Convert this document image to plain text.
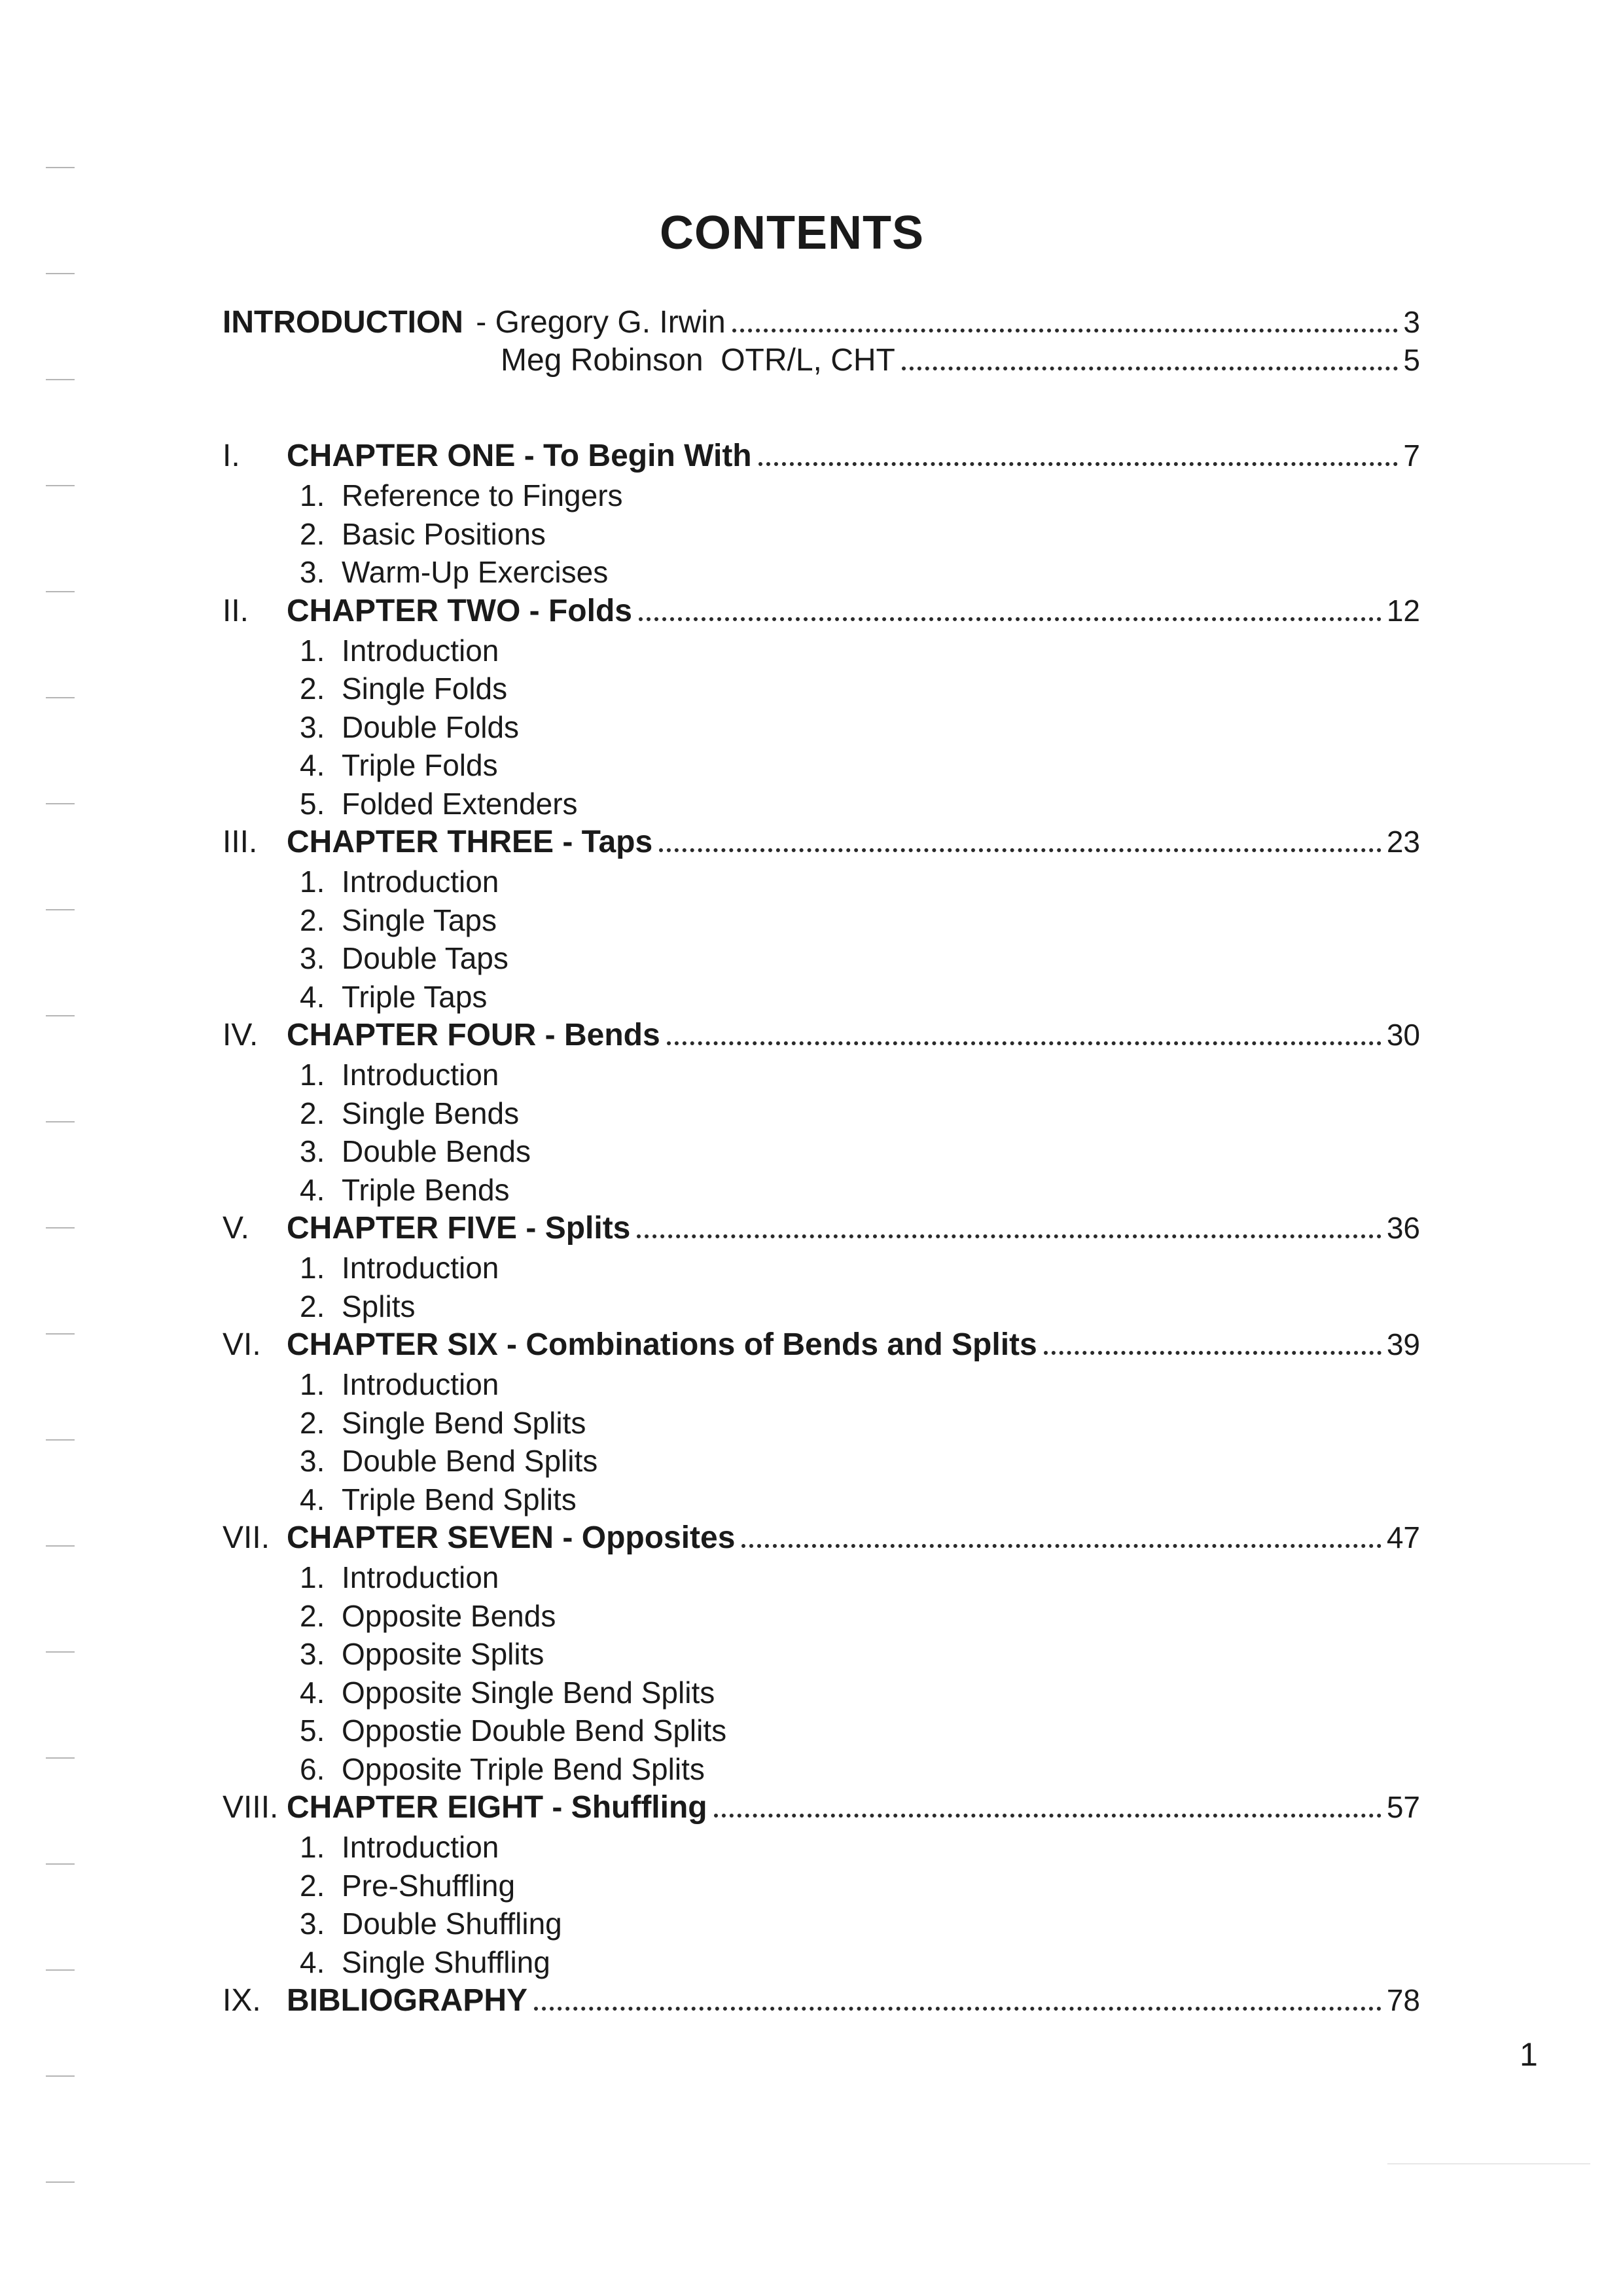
CONTENTS
INTRODUCTION - Gregory G. Irwin	3
Meg Robinson  OTR/L, CHT	5
I.	CHAPTER ONE - To Begin With	7
1. Reference to Fingers
2. Basic Positions
3. Warm-Up Exercises
II.	CHAPTER TWO - Folds	12
1. Introduction
2. Single Folds
3. Double Folds
4. Triple Folds
5. Folded Extenders
III. CHAPTER THREE - Taps	23
1. Introduction
2. Single Taps
3. Double Taps
4. Triple Taps
IV. CHAPTER FOUR - Bends	30
1. Introduction
2. Single Bends
3. Double Bends
4. Triple Bends
V.	CHAPTER FIVE - Splits	36
1. Introduction
2. Splits
VI. CHAPTER SIX - Combinations of Bends and Splits	39
1. Introduction
2. Single Bend Splits
3. Double Bend Splits
4. Triple Bend Splits
VII. CHAPTER SEVEN - Opposites	47
1. Introduction
2. Opposite Bends
3. Opposite Splits
4. Opposite Single Bend Splits
5. Oppostie Double Bend Splits
6. Opposite Triple Bend Splits
VIII. CHAPTER EIGHT - Shuffling	57
1. Introduction
2. Pre-Shuffling
3. Double Shuffling
4. Single Shuffling
IX. BIBLIOGRAPHY	78
1
